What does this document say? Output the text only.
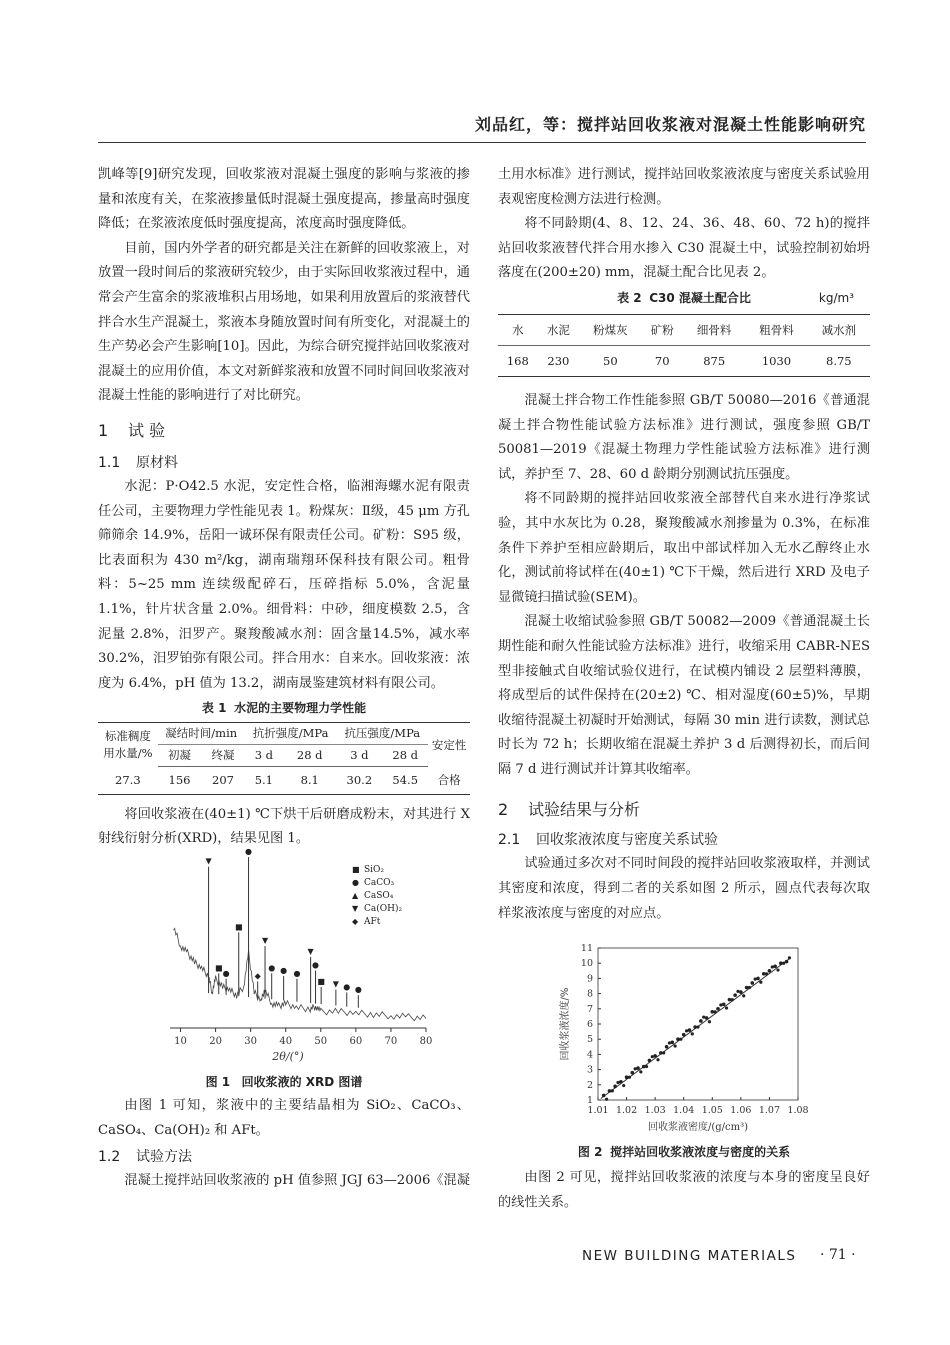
刘品红，等：搅拌站回收浆液对混凝土性能影响研究

凯峰等[9]研究发现，回收浆液对混凝土强度的影响与浆液的掺量和浓度有关，在浆液掺量低时混凝土强度提高，掺量高时强度降低；在浆液浓度低时强度提高，浓度高时强度降低。

目前，国内外学者的研究都是关注在新鲜的回收浆液上，对放置一段时间后的浆液研究较少，由于实际回收浆液过程中，通常会产生富余的浆液堆积占用场地，如果利用放置后的浆液替代拌合水生产混凝土，浆液本身随放置时间有所变化，对混凝土的生产势必会产生影响[10]。因此，为综合研究搅拌站回收浆液对混凝土的应用价值，本文对新鲜浆液和放置不同时间回收浆液对混凝土性能的影响进行了对比研究。

1 试 验
1.1 原材料

水泥：P·O42.5 水泥，安定性合格，临湘海螺水泥有限责任公司，主要物理力学性能见表 1。粉煤灰：Ⅱ级，45 μm 方孔筛筛余 14.9%，岳阳一诚环保有限责任公司。矿粉：S95 级，比表面积为 430 m²/kg，湖南瑞翔环保科技有限公司。粗骨料：5~25 mm 连续级配碎石，压碎指标 5.0%，含泥量 1.1%，针片状含量 2.0%。细骨料：中砂，细度模数 2.5，含泥量 2.8%，汨罗产。聚羧酸减水剂：固含量14.5%，减水率 30.2%，汨罗铂弥有限公司。拌合用水：自来水。回收浆液：浓度为 6.4%，pH 值为 13.2，湖南晟鉴建筑材料有限公司。

表 1 水泥的主要物理力学性能
标准稠度
用水量/%	凝结时间/min		抗折强度/MPa		抗压强度/MPa		安定性
	初凝	终凝	3 d	28 d	3 d	28 d	
27.3	156	207	5.1	8.1	30.2	54.5	合格

将回收浆液在(40±1) ℃下烘干后研磨成粉末，对其进行 X 射线衍射分析(XRD)，结果见图 1。

10 20 30 40 50 60 70 80
2θ/(°)
■ SiO₂
● CaCO₃
▲ CaSO₄
▼ Ca(OH)₂
◆ AFt
▼
■
●
■
●
▼
● ● ●
▼
●
■ ▼ ● ●
◆
图 1 回收浆液的 XRD 图谱

由图 1 可知，浆液中的主要结晶相为 SiO₂、CaCO₃、CaSO₄、Ca(OH)₂ 和 AFt。

1.2 试验方法

混凝土搅拌站回收浆液的 pH 值参照 JGJ 63—2006《混凝

土用水标准》进行测试，搅拌站回收浆液浓度与密度关系试验用表观密度检测方法进行检测。

将不同龄期(4、8、12、24、36、48、60、72 h)的搅拌站回收浆液替代拌合用水掺入 C30 混凝土中，试验控制初始坍落度在(200±20) mm，混凝土配合比见表 2。

表 2 C30 混凝土配合比	kg/m³
水	水泥	粉煤灰	矿粉	细骨料	粗骨料	减水剂
168	230	50	70	875	1030	8.75

混凝土拌合物工作性能参照 GB/T 50080—2016《普通混凝土拌合物性能试验方法标准》进行测试，强度参照 GB/T 50081—2019《混凝土物理力学性能试验方法标准》进行测试，养护至 7、28、60 d 龄期分别测试抗压强度。

将不同龄期的搅拌站回收浆液全部替代自来水进行净浆试验，其中水灰比为 0.28，聚羧酸减水剂掺量为 0.3%，在标准条件下养护至相应龄期后，取出中部试样加入无水乙醇终止水化，测试前将试样在(40±1) ℃下干燥，然后进行 XRD 及电子显微镜扫描试验(SEM)。

混凝土收缩试验参照 GB/T 50082—2009《普通混凝土长期性能和耐久性能试验方法标准》进行，收缩采用 CABR-NES 型非接触式自收缩试验仪进行，在试模内铺设 2 层塑料薄膜，将成型后的试件保持在(20±2) ℃、相对湿度(60±5)%，早期收缩待混凝土初凝时开始测试，每隔 30 min 进行读数，测试总时长为 72 h；长期收缩在混凝土养护 3 d 后测得初长，而后间隔 7 d 进行测试并计算其收缩率。

2 试验结果与分析
2.1 回收浆液浓度与密度关系试验

试验通过多次对不同时间段的搅拌站回收浆液取样，并测试其密度和浓度，得到二者的关系如图 2 所示，圆点代表每次取样浆液浓度与密度的对应点。

1.01 1.02 1.03 1.04 1.05 1.06 1.07 1.08
1
2
3
4
5
6
7
8
9
10
11
回收浆液密度/(g/cm³)
回收浆液浓度/%
图 2 搅拌站回收浆液浓度与密度的关系

由图 2 可见，搅拌站回收浆液的浓度与本身的密度呈良好的线性关系。

NEW BUILDING MATERIALS · 71 ·
